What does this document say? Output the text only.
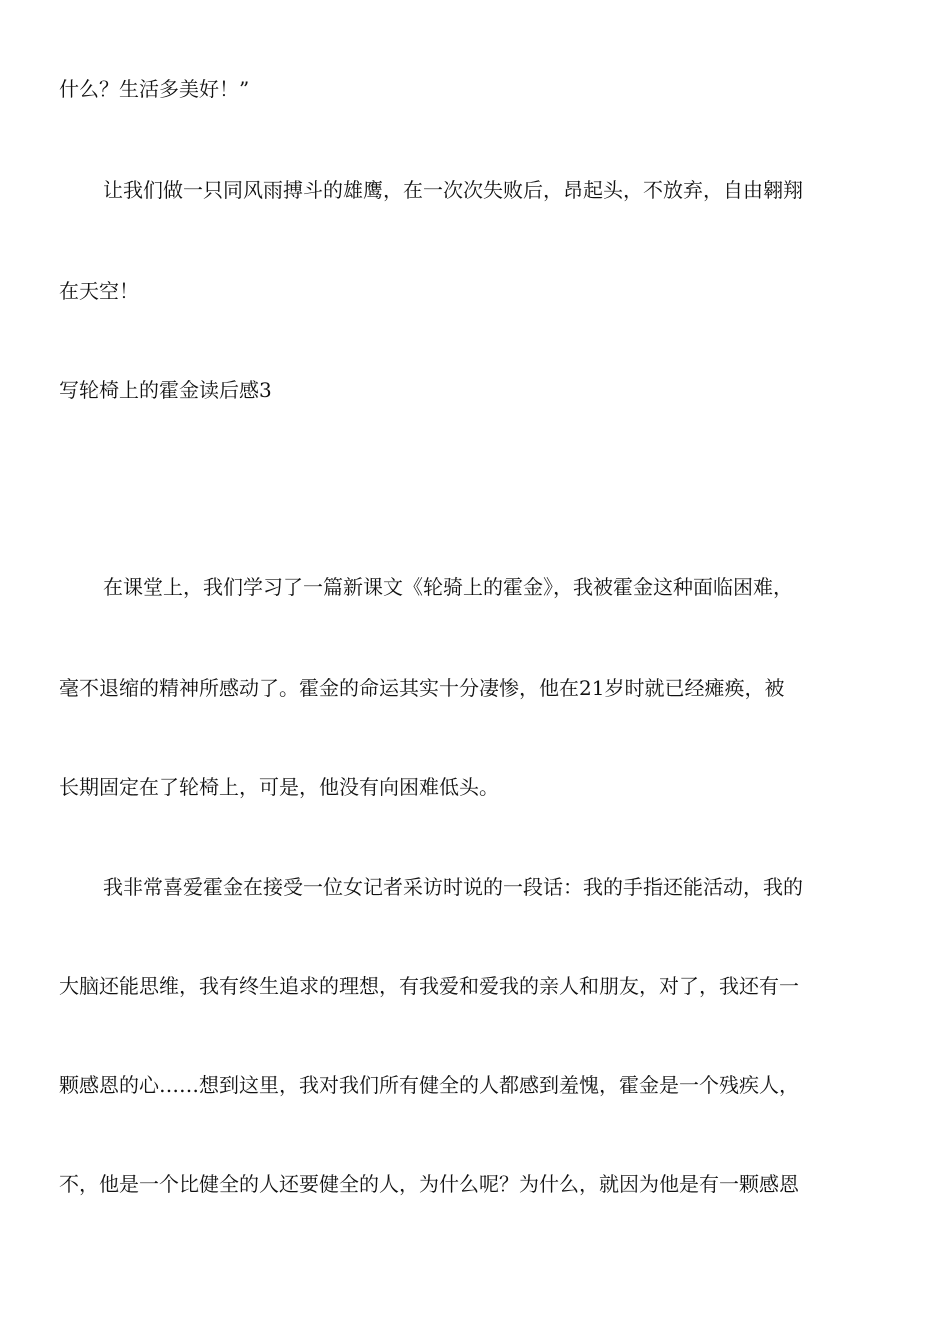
什么？生活多美好！”
让我们做一只同风雨搏斗的雄鹰，在一次次失败后，昂起头，不放弃，自由翱翔
在天空！
写轮椅上的霍金读后感3
在课堂上，我们学习了一篇新课文《轮骑上的霍金》，我被霍金这种面临困难，
毫不退缩的精神所感动了。霍金的命运其实十分凄惨，他在21岁时就已经瘫痪，被
长期固定在了轮椅上，可是，他没有向困难低头。
我非常喜爱霍金在接受一位女记者采访时说的一段话：我的手指还能活动，我的
大脑还能思维，我有终生追求的理想，有我爱和爱我的亲人和朋友，对了，我还有一
颗感恩的心……想到这里，我对我们所有健全的人都感到羞愧，霍金是一个残疾人，
不，他是一个比健全的人还要健全的人，为什么呢？为什么，就因为他是有一颗感恩
